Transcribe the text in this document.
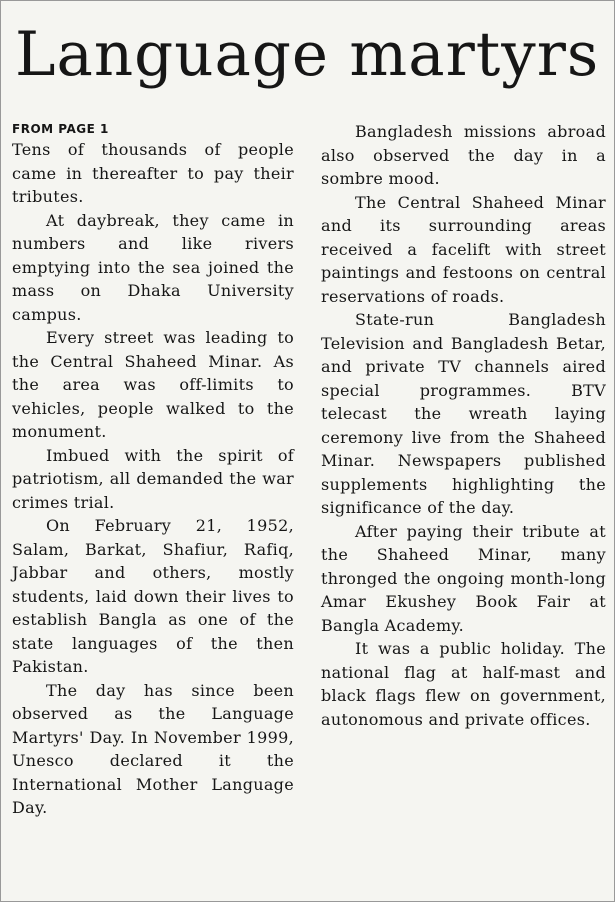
Language martyrs
FROM PAGE 1

Tens of thousands of people came in thereafter to pay their tributes.

At daybreak, they came in numbers and like rivers emptying into the sea joined the mass on Dhaka University campus.

Every street was leading to the Central Shaheed Minar. As the area was off-limits to vehicles, people walked to the monument.

Imbued with the spirit of patriotism, all demanded the war crimes trial.

On February 21, 1952, Salam, Barkat, Shafiur, Rafiq, Jabbar and others, mostly students, laid down their lives to establish Bangla as one of the state languages of the then Pakistan.

The day has since been observed as the Language Martyrs' Day. In November 1999, Unesco declared it the International Mother Language Day.

Bangladesh missions abroad also observed the day in a sombre mood.

The Central Shaheed Minar and its surrounding areas received a facelift with street paintings and festoons on central reservations of roads.

State-run Bangladesh Television and Bangladesh Betar, and private TV channels aired special programmes. BTV telecast the wreath laying ceremony live from the Shaheed Minar. Newspapers published supplements highlighting the significance of the day.

After paying their tribute at the Shaheed Minar, many thronged the ongoing month-long Amar Ekushey Book Fair at Bangla Academy.

It was a public holiday. The national flag at half-mast and black flags flew on government, autonomous and private offices.
